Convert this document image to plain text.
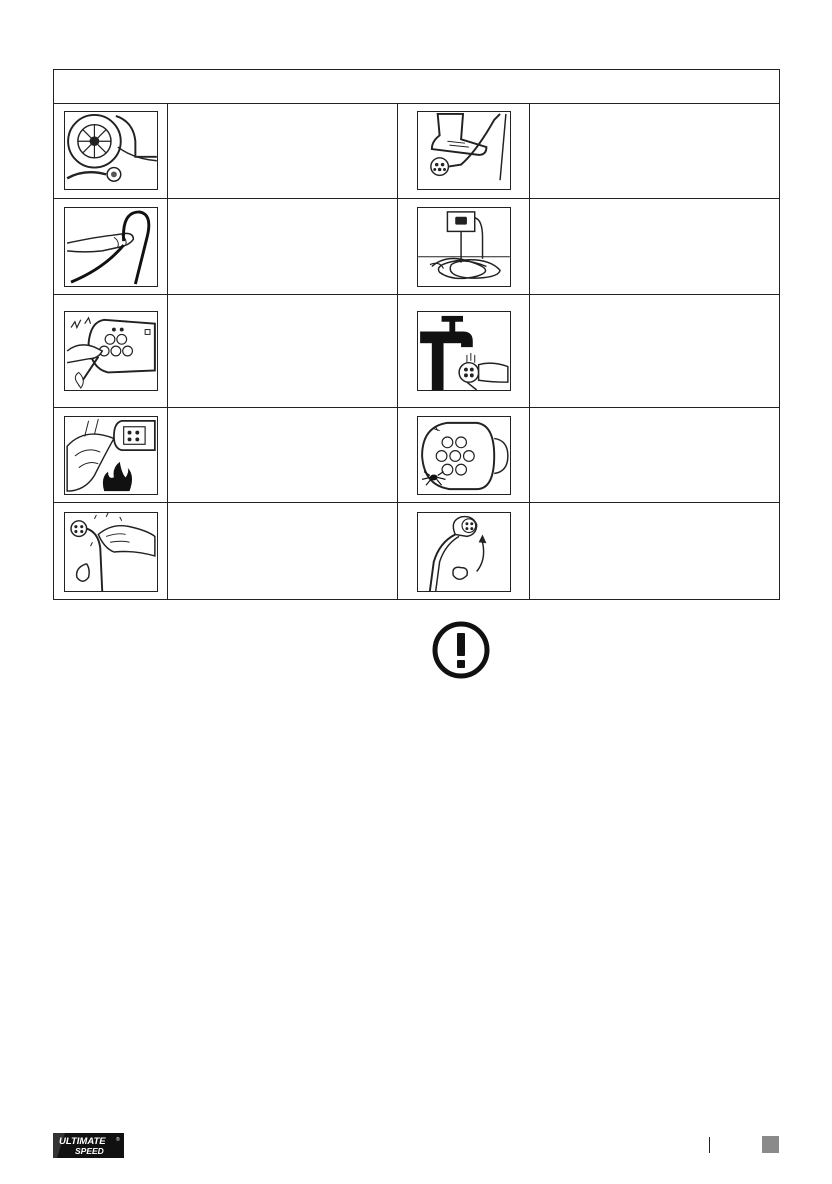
ULTIMATE
SPEED
®
